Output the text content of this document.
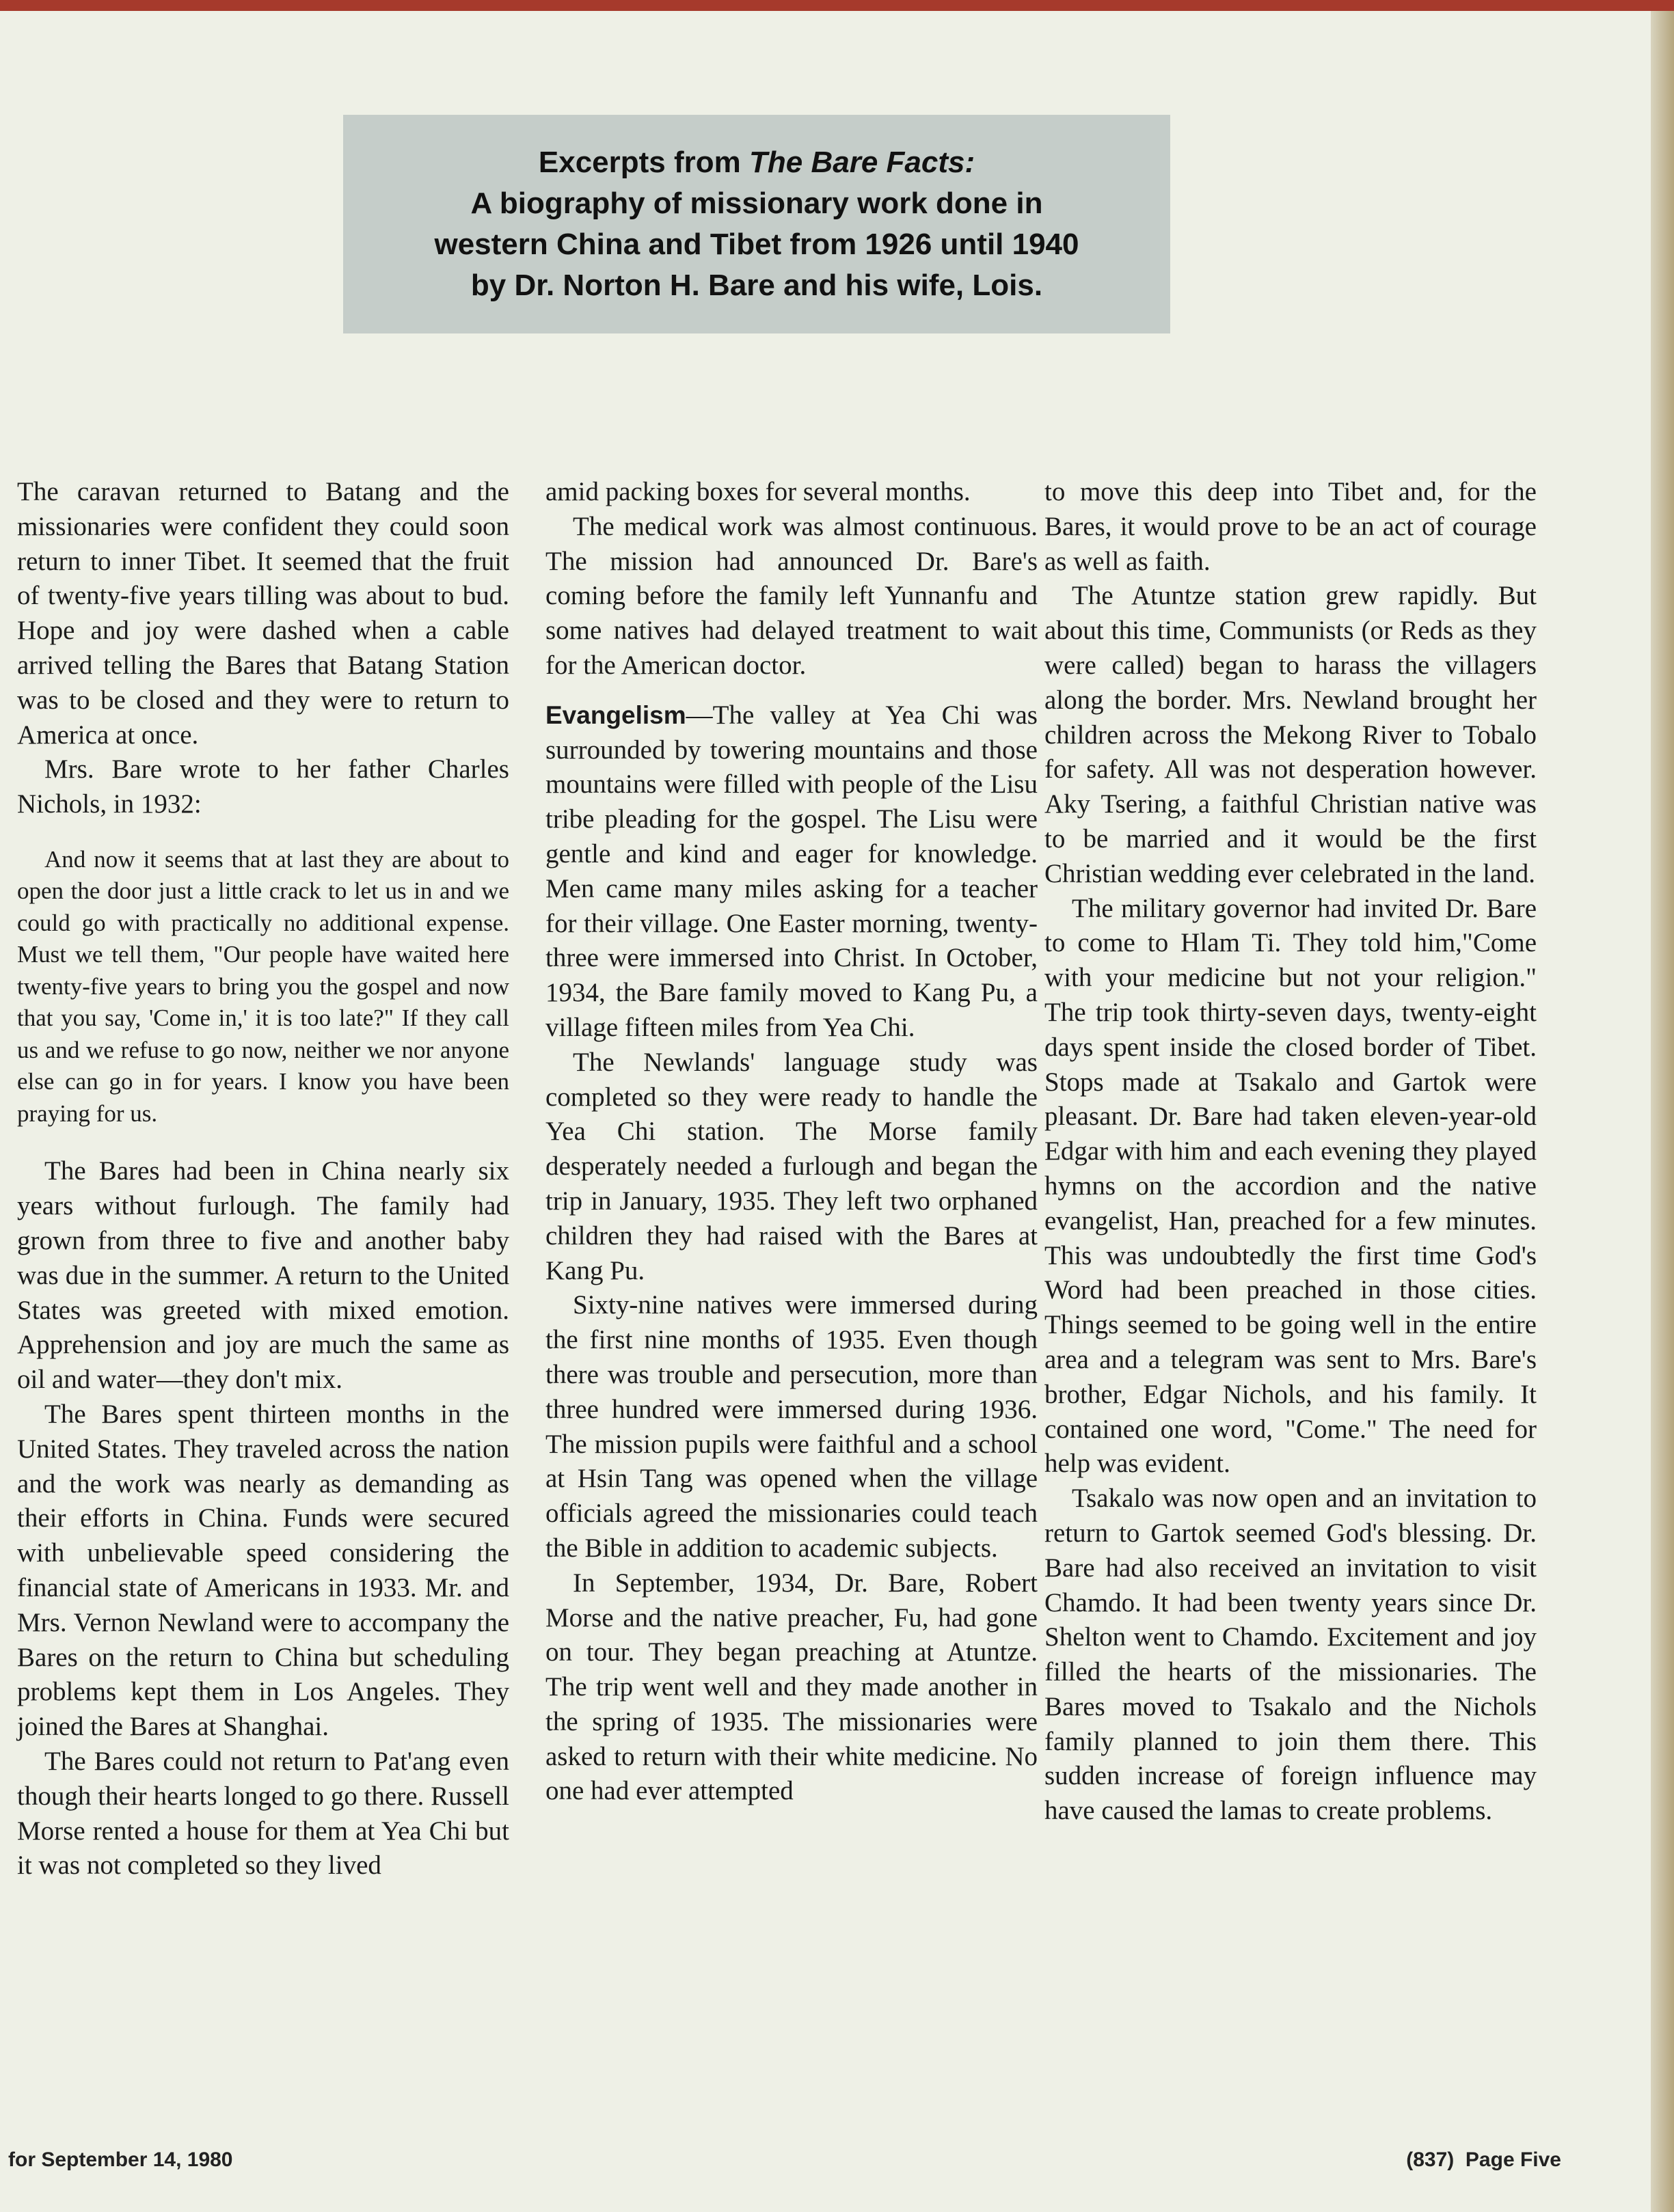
Excerpts from The Bare Facts:
A biography of missionary work done in
western China and Tibet from 1926 until 1940
by Dr. Norton H. Bare and his wife, Lois.

The caravan returned to Batang and the missionaries were confident they could soon return to inner Tibet. It seemed that the fruit of twenty-five years tilling was about to bud. Hope and joy were dashed when a cable arrived telling the Bares that Batang Station was to be closed and they were to return to America at once.

Mrs. Bare wrote to her father Charles Nichols, in 1932:

And now it seems that at last they are about to open the door just a little crack to let us in and we could go with practically no additional expense. Must we tell them, "Our people have waited here twenty-five years to bring you the gospel and now that you say, 'Come in,' it is too late?" If they call us and we refuse to go now, neither we nor anyone else can go in for years. I know you have been praying for us.

The Bares had been in China nearly six years without furlough. The family had grown from three to five and another baby was due in the summer. A return to the United States was greeted with mixed emotion. Apprehension and joy are much the same as oil and water—they don't mix.

The Bares spent thirteen months in the United States. They traveled across the nation and the work was nearly as demanding as their efforts in China. Funds were secured with unbelievable speed considering the financial state of Americans in 1933. Mr. and Mrs. Vernon Newland were to accompany the Bares on the return to China but scheduling problems kept them in Los Angeles. They joined the Bares at Shanghai.

The Bares could not return to Pat'ang even though their hearts longed to go there. Russell Morse rented a house for them at Yea Chi but it was not completed so they lived

amid packing boxes for several months.

The medical work was almost continuous. The mission had announced Dr. Bare's coming before the family left Yunnanfu and some natives had delayed treatment to wait for the American doctor.

Evangelism—The valley at Yea Chi was surrounded by towering mountains and those mountains were filled with people of the Lisu tribe pleading for the gospel. The Lisu were gentle and kind and eager for knowledge. Men came many miles asking for a teacher for their village. One Easter morning, twenty-three were immersed into Christ. In October, 1934, the Bare family moved to Kang Pu, a village fifteen miles from Yea Chi.

The Newlands' language study was completed so they were ready to handle the Yea Chi station. The Morse family desperately needed a furlough and began the trip in January, 1935. They left two orphaned children they had raised with the Bares at Kang Pu.

Sixty-nine natives were immersed during the first nine months of 1935. Even though there was trouble and persecution, more than three hundred were immersed during 1936. The mission pupils were faithful and a school at Hsin Tang was opened when the village officials agreed the missionaries could teach the Bible in addition to academic subjects.

In September, 1934, Dr. Bare, Robert Morse and the native preacher, Fu, had gone on tour. They began preaching at Atuntze. The trip went well and they made another in the spring of 1935. The missionaries were asked to return with their white medicine. No one had ever attempted

to move this deep into Tibet and, for the Bares, it would prove to be an act of courage as well as faith.

The Atuntze station grew rapidly. But about this time, Communists (or Reds as they were called) began to harass the villagers along the border. Mrs. Newland brought her children across the Mekong River to Tobalo for safety. All was not desperation however. Aky Tsering, a faithful Christian native was to be married and it would be the first Christian wedding ever celebrated in the land.

The military governor had invited Dr. Bare to come to Hlam Ti. They told him,"Come with your medicine but not your religion." The trip took thirty-seven days, twenty-eight days spent inside the closed border of Tibet. Stops made at Tsakalo and Gartok were pleasant. Dr. Bare had taken eleven-year-old Edgar with him and each evening they played hymns on the accordion and the native evangelist, Han, preached for a few minutes. This was undoubtedly the first time God's Word had been preached in those cities. Things seemed to be going well in the entire area and a telegram was sent to Mrs. Bare's brother, Edgar Nichols, and his family. It contained one word, "Come." The need for help was evident.

Tsakalo was now open and an invitation to return to Gartok seemed God's blessing. Dr. Bare had also received an invitation to visit Chamdo. It had been twenty years since Dr. Shelton went to Chamdo. Excitement and joy filled the hearts of the missionaries. The Bares moved to Tsakalo and the Nichols family planned to join them there. This sudden increase of foreign influence may have caused the lamas to create problems.

for September 14, 1980	(837)  Page Five
